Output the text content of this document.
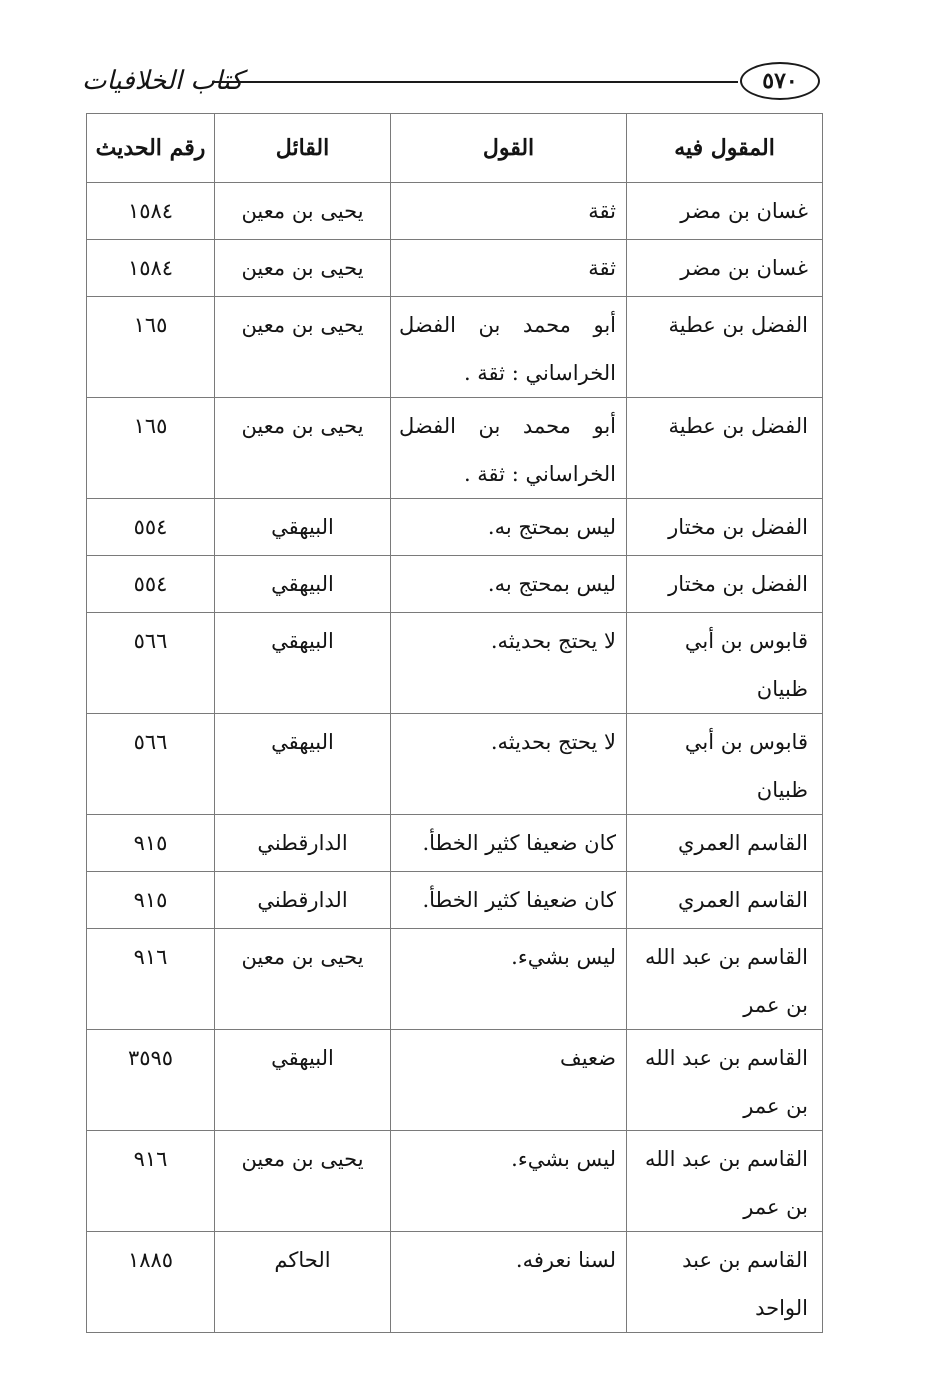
كتاب الخلافيات	٥٧٠
المقول فيه	القول	القائل	رقم الحديث
غسان بن مضر	ثقة	يحيى بن معين	١٥٨٤
غسان بن مضر	ثقة	يحيى بن معين	١٥٨٤
الفضل بن عطية	أبو محمد بن الفضل الخراساني : ثقة .	يحيى بن معين	١٦٥
الفضل بن عطية	أبو محمد بن الفضل الخراساني : ثقة .	يحيى بن معين	١٦٥
الفضل بن مختار	ليس بمحتج به.	البيهقي	٥٥٤
الفضل بن مختار	ليس بمحتج به.	البيهقي	٥٥٤
قابوس بن أبي ظبيان	لا يحتج بحديثه.	البيهقي	٥٦٦
قابوس بن أبي ظبيان	لا يحتج بحديثه.	البيهقي	٥٦٦
القاسم العمري	كان ضعيفا كثير الخطأ.	الدارقطني	٩١٥
القاسم العمري	كان ضعيفا كثير الخطأ.	الدارقطني	٩١٥
القاسم بن عبد الله بن عمر	ليس بشيء.	يحيى بن معين	٩١٦
القاسم بن عبد الله بن عمر	ضعيف	البيهقي	٣٥٩٥
القاسم بن عبد الله بن عمر	ليس بشيء.	يحيى بن معين	٩١٦
القاسم بن عبد الواحد	لسنا نعرفه.	الحاكم	١٨٨٥
